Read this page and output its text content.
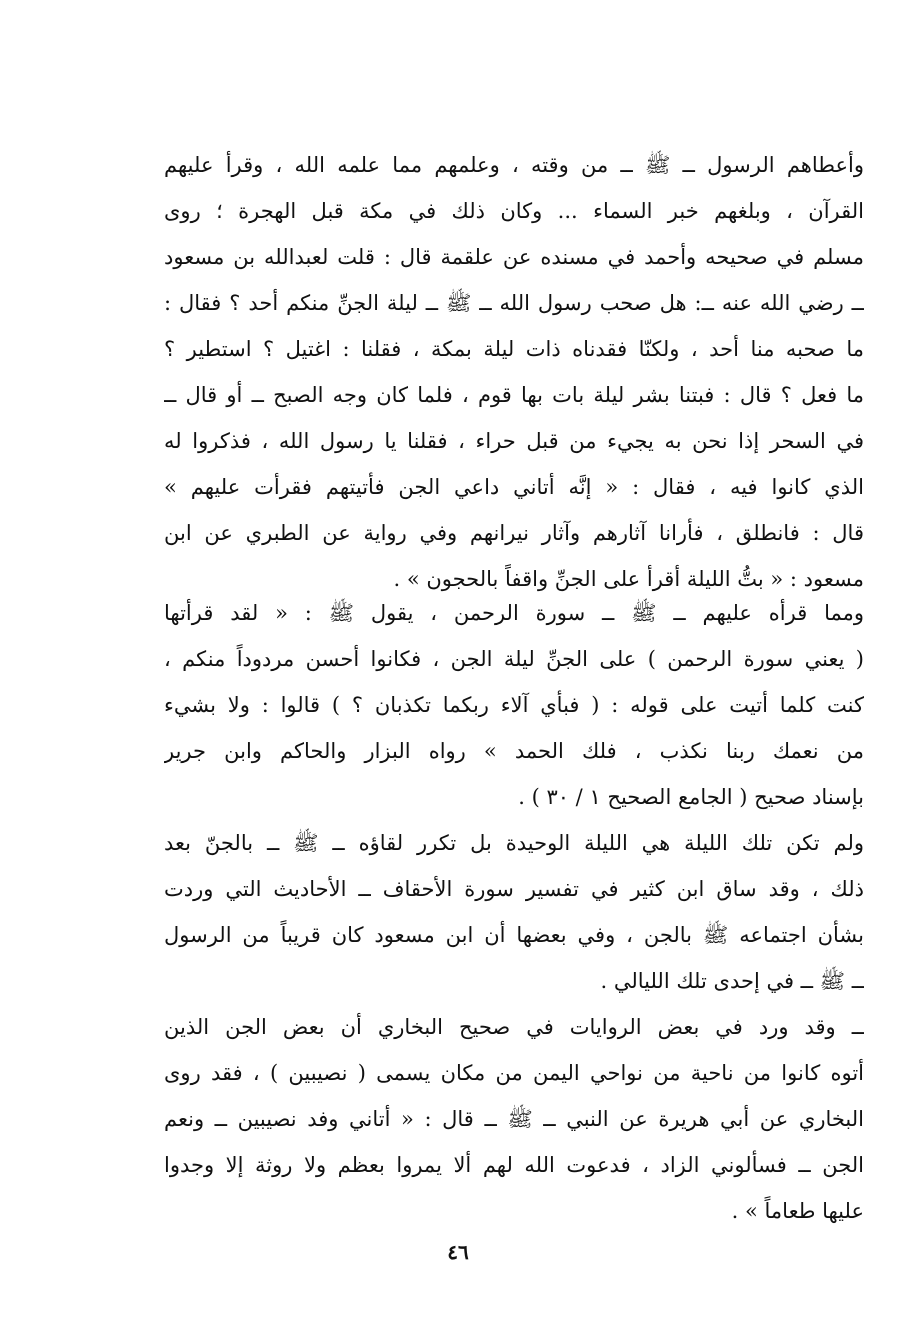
وأعطاهم الرسول ــ ﷺ ــ من وقته ، وعلمهم مما علمه الله ، وقرأ عليهم
القرآن ، وبلغهم خبر السماء ... وكان ذلك في مكة قبل الهجرة ؛ روى
مسلم في صحيحه وأحمد في مسنده عن علقمة قال : قلت لعبدالله بن مسعود
ــ رضي الله عنه ــ: هل صحب رسول الله ــ ﷺ ــ ليلة الجنِّ منكم أحد ؟ فقال :
ما صحبه منا أحد ، ولكنّا فقدناه ذات ليلة بمكة ، فقلنا : اغتيل ؟ استطير ؟
ما فعل ؟ قال : فبتنا بشر ليلة بات بها قوم ، فلما كان وجه الصبح ــ أو قال ــ
في السحر إذا نحن به يجيء من قبل حراء ، فقلنا يا رسول الله ، فذكروا له
الذي كانوا فيه ، فقال : « إنَّه أتاني داعي الجن فأتيتهم فقرأت عليهم »
قال : فانطلق ، فأرانا آثارهم وآثار نيرانهم وفي رواية عن الطبري عن ابن
مسعود : « بتُّ الليلة أقرأ على الجنِّ واقفاً بالحجون » .
ومما قرأه عليهم ــ ﷺ ــ سورة الرحمن ، يقول ﷺ : « لقد قرأتها
( يعني سورة الرحمن ) على الجنِّ ليلة الجن ، فكانوا أحسن مردوداً منكم ،
كنت كلما أتيت على قوله : ( فبأي آلاء ربكما تكذبان ؟ ) قالوا : ولا بشيء
من نعمك ربنا نكذب ، فلك الحمد » رواه البزار والحاكم وابن جرير
بإسناد صحيح ( الجامع الصحيح ١ / ٣٠ ) .
ولم تكن تلك الليلة هي الليلة الوحيدة بل تكرر لقاؤه ــ ﷺ ــ بالجنّ بعد
ذلك ، وقد ساق ابن كثير في تفسير سورة الأحقاف ــ الأحاديث التي وردت
بشأن اجتماعه ﷺ بالجن ، وفي بعضها أن ابن مسعود كان قريباً من الرسول
ــ ﷺ ــ في إحدى تلك الليالي .
ــ وقد ورد في بعض الروايات في صحيح البخاري أن بعض الجن الذين
أتوه كانوا من ناحية من نواحي اليمن من مكان يسمى ( نصيبين ) ، فقد روى
البخاري عن أبي هريرة عن النبي ــ ﷺ ــ قال : « أتاني وفد نصيبين ــ ونعم
الجن ــ فسألوني الزاد ، فدعوت الله لهم ألا يمروا بعظم ولا روثة إلا وجدوا
عليها طعاماً » .
٤٦
